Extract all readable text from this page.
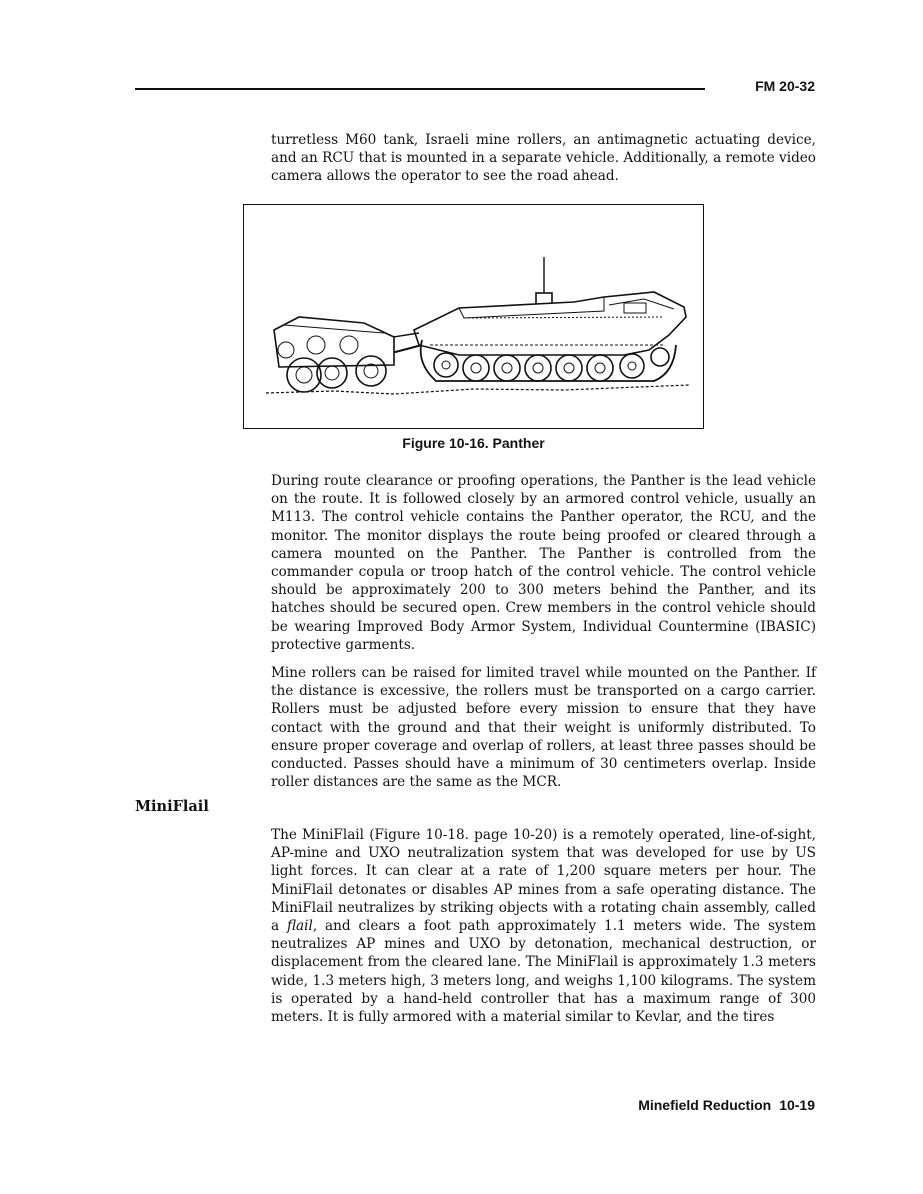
FM 20-32

turretless M60 tank, Israeli mine rollers, an antimagnetic actuating device, and an RCU that is mounted in a separate vehicle. Additionally, a remote video camera allows the operator to see the road ahead.

Figure 10-16. Panther

During route clearance or proofing operations, the Panther is the lead vehicle on the route. It is followed closely by an armored control vehicle, usually an M113. The control vehicle contains the Panther operator, the RCU, and the monitor. The monitor displays the route being proofed or cleared through a camera mounted on the Panther. The Panther is controlled from the commander copula or troop hatch of the control vehicle. The control vehicle should be approximately 200 to 300 meters behind the Panther, and its hatches should be secured open. Crew members in the control vehicle should be wearing Improved Body Armor System, Individual Countermine (IBASIC) protective garments.

Mine rollers can be raised for limited travel while mounted on the Panther. If the distance is excessive, the rollers must be transported on a cargo carrier. Rollers must be adjusted before every mission to ensure that they have contact with the ground and that their weight is uniformly distributed. To ensure proper coverage and overlap of rollers, at least three passes should be conducted. Passes should have a minimum of 30 centimeters overlap. Inside roller distances are the same as the MCR.

MiniFlail

The MiniFlail (Figure 10-18. page 10-20) is a remotely operated, line-of-sight, AP-mine and UXO neutralization system that was developed for use by US light forces. It can clear at a rate of 1,200 square meters per hour. The MiniFlail detonates or disables AP mines from a safe operating distance. The MiniFlail neutralizes by striking objects with a rotating chain assembly, called a flail, and clears a foot path approximately 1.1 meters wide. The system neutralizes AP mines and UXO by detonation, mechanical destruction, or displacement from the cleared lane. The MiniFlail is approximately 1.3 meters wide, 1.3 meters high, 3 meters long, and weighs 1,100 kilograms. The system is operated by a hand-held controller that has a maximum range of 300 meters. It is fully armored with a material similar to Kevlar, and the tires

Minefield Reduction 10-19
